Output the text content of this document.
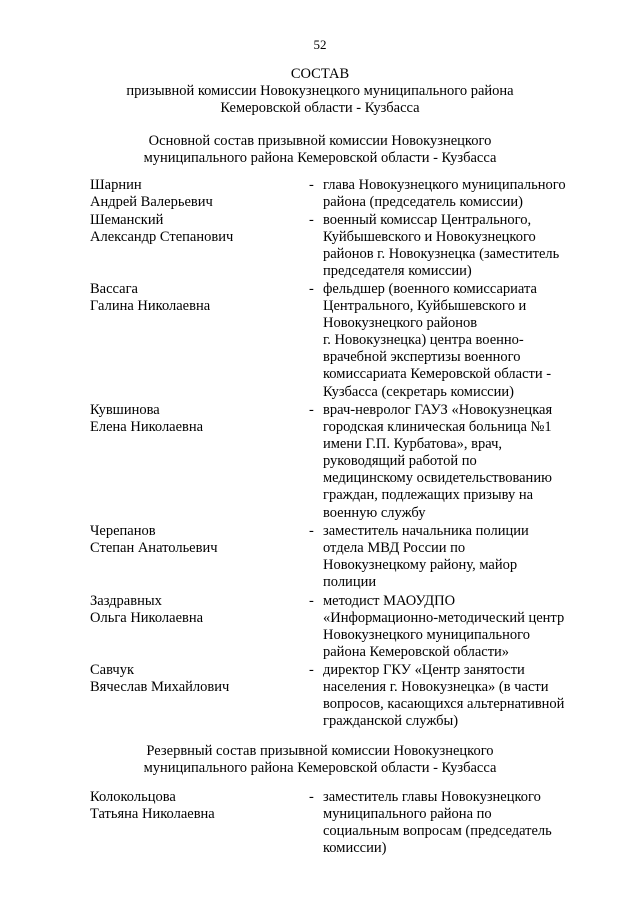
52
СОСТАВ
призывной комиссии Новокузнецкого муниципального района
Кемеровской области - Кузбасса
Основной состав призывной комиссии Новокузнецкого
муниципального района Кемеровской области - Кузбасса
Шарнин
Андрей Валерьевич
- глава Новокузнецкого муниципального
района (председатель комиссии)
Шеманский
Александр Степанович
- военный комиссар Центрального,
Куйбышевского и Новокузнецкого
районов г. Новокузнецка (заместитель
председателя комиссии)
Вассага
Галина Николаевна
- фельдшер (военного комиссариата
Центрального, Куйбышевского и
Новокузнецкого районов
г. Новокузнецка) центра военно-
врачебной экспертизы военного
комиссариата Кемеровской области -
Кузбасса (секретарь комиссии)
Кувшинова
Елена Николаевна
- врач-невролог ГАУЗ «Новокузнецкая
городская клиническая больница №1
имени Г.П. Курбатова», врач,
руководящий работой по
медицинскому освидетельствованию
граждан, подлежащих призыву на
военную службу
Черепанов
Степан Анатольевич
- заместитель начальника полиции
отдела МВД России по
Новокузнецкому району, майор
полиции
Заздравных
Ольга Николаевна
- методист МАОУДПО
«Информационно-методический центр
Новокузнецкого муниципального
района Кемеровской области»
Савчук
Вячеслав Михайлович
- директор ГКУ «Центр занятости
населения г. Новокузнецка» (в части
вопросов, касающихся альтернативной
гражданской службы)
Резервный состав призывной комиссии Новокузнецкого
муниципального района Кемеровской области - Кузбасса
Колокольцова
Татьяна Николаевна
- заместитель главы Новокузнецкого
муниципального района по
социальным вопросам (председатель
комиссии)
